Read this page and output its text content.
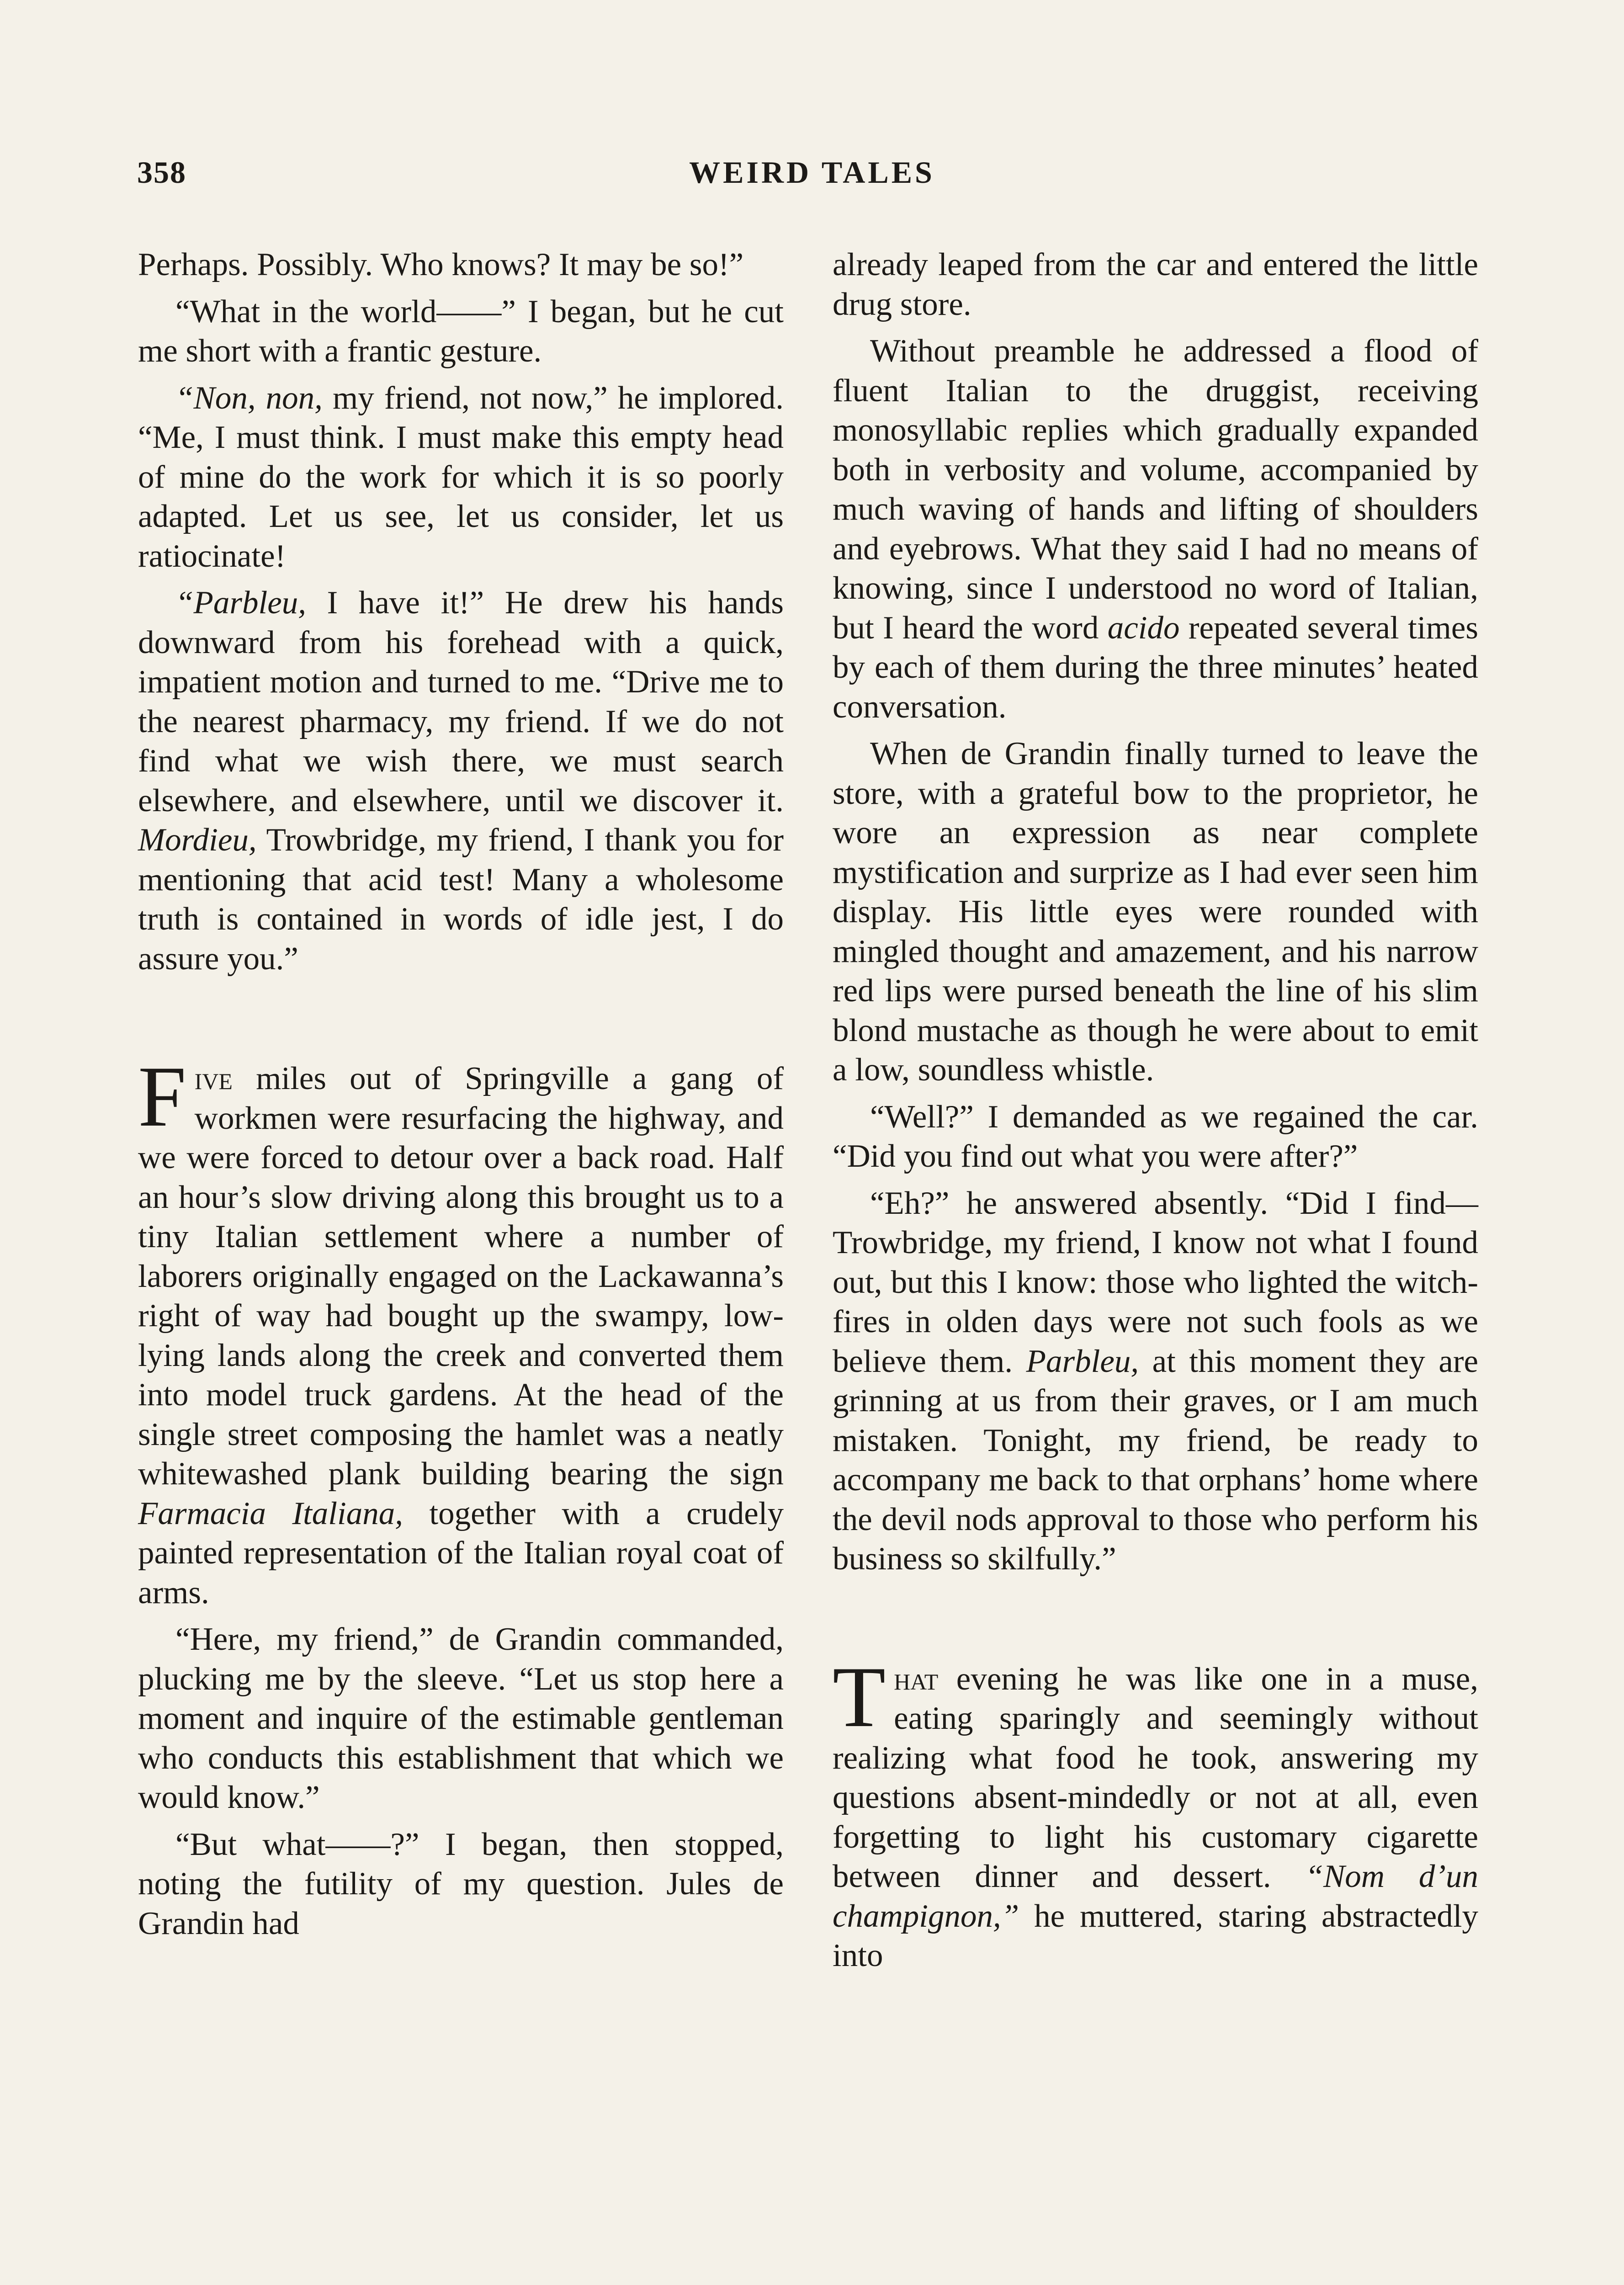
358	WEIRD TALES

Perhaps. Possibly. Who knows? It may be so!”

“What in the world——” I began, but he cut me short with a frantic gesture.

“Non, non, my friend, not now,” he implored. “Me, I must think. I must make this empty head of mine do the work for which it is so poorly adapted. Let us see, let us consider, let us ratiocinate!

“Parbleu, I have it!” He drew his hands downward from his forehead with a quick, impatient motion and turned to me. “Drive me to the nearest pharmacy, my friend. If we do not find what we wish there, we must search elsewhere, and elsewhere, until we discover it. Mordieu, Trowbridge, my friend, I thank you for mentioning that acid test! Many a wholesome truth is contained in words of idle jest, I do assure you.”

Five miles out of Springville a gang of workmen were resurfacing the highway, and we were forced to detour over a back road. Half an hour’s slow driving along this brought us to a tiny Italian settlement where a number of laborers originally engaged on the Lackawanna’s right of way had bought up the swampy, low-lying lands along the creek and converted them into model truck gardens. At the head of the single street composing the hamlet was a neatly whitewashed plank building bearing the sign Farmacia Italiana, together with a crudely painted representation of the Italian royal coat of arms.

“Here, my friend,” de Grandin commanded, plucking me by the sleeve. “Let us stop here a moment and inquire of the estimable gentleman who conducts this establishment that which we would know.”

“But what——?” I began, then stopped, noting the futility of my question. Jules de Grandin had

already leaped from the car and entered the little drug store.

Without preamble he addressed a flood of fluent Italian to the druggist, receiving monosyllabic replies which gradually expanded both in verbosity and volume, accompanied by much waving of hands and lifting of shoulders and eyebrows. What they said I had no means of knowing, since I understood no word of Italian, but I heard the word acido repeated several times by each of them during the three minutes’ heated conversation.

When de Grandin finally turned to leave the store, with a grateful bow to the proprietor, he wore an expression as near complete mystification and surprize as I had ever seen him display. His little eyes were rounded with mingled thought and amazement, and his narrow red lips were pursed beneath the line of his slim blond mustache as though he were about to emit a low, soundless whistle.

“Well?” I demanded as we regained the car. “Did you find out what you were after?”

“Eh?” he answered absently. “Did I find—Trowbridge, my friend, I know not what I found out, but this I know: those who lighted the witch-fires in olden days were not such fools as we believe them. Parbleu, at this moment they are grinning at us from their graves, or I am much mistaken. Tonight, my friend, be ready to accompany me back to that orphans’ home where the devil nods approval to those who perform his business so skilfully.”

That evening he was like one in a muse, eating sparingly and seemingly without realizing what food he took, answering my questions absent-mindedly or not at all, even forgetting to light his customary cigarette between dinner and dessert. “Nom d’un champignon,” he muttered, staring abstractedly into
